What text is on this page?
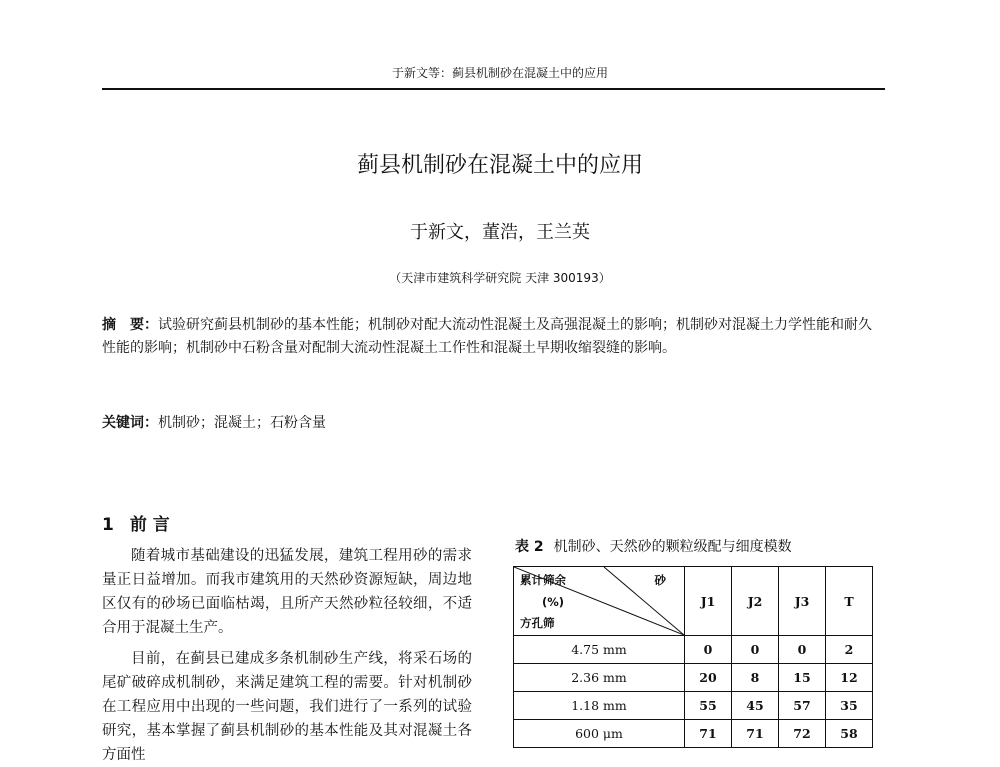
于新文等：蓟县机制砂在混凝土中的应用
蓟县机制砂在混凝土中的应用
于新文，董浩，王兰英
（天津市建筑科学研究院 天津 300193）
摘　要：试验研究蓟县机制砂的基本性能；机制砂对配大流动性混凝土及高强混凝土的影响；机制砂对混凝土力学性能和耐久性能的影响；机制砂中石粉含量对配制大流动性混凝土工作性和混凝土早期收缩裂缝的影响。
关键词：机制砂；混凝土；石粉含量
1 前 言

随着城市基础建设的迅猛发展，建筑工程用砂的需求量正日益增加。而我市建筑用的天然砂资源短缺，周边地区仅有的砂场已面临枯竭，且所产天然砂粒径较细，不适合用于混凝土生产。

目前，在蓟县已建成多条机制砂生产线，将采石场的尾矿破碎成机制砂，来满足建筑工程的需要。针对机制砂在工程应用中出现的一些问题，我们进行了一系列的试验研究，基本掌握了蓟县机制砂的基本性能及其对混凝土各方面性

表 2 机制砂、天然砂的颗粒级配与细度模数
累计筛余 砂
(%)
方孔筛	J1	J2	J3	T
4.75 mm	0	0	0	2
2.36 mm	20	8	15	12
1.18 mm	55	45	57	35
600 μm	71	71	72	58
